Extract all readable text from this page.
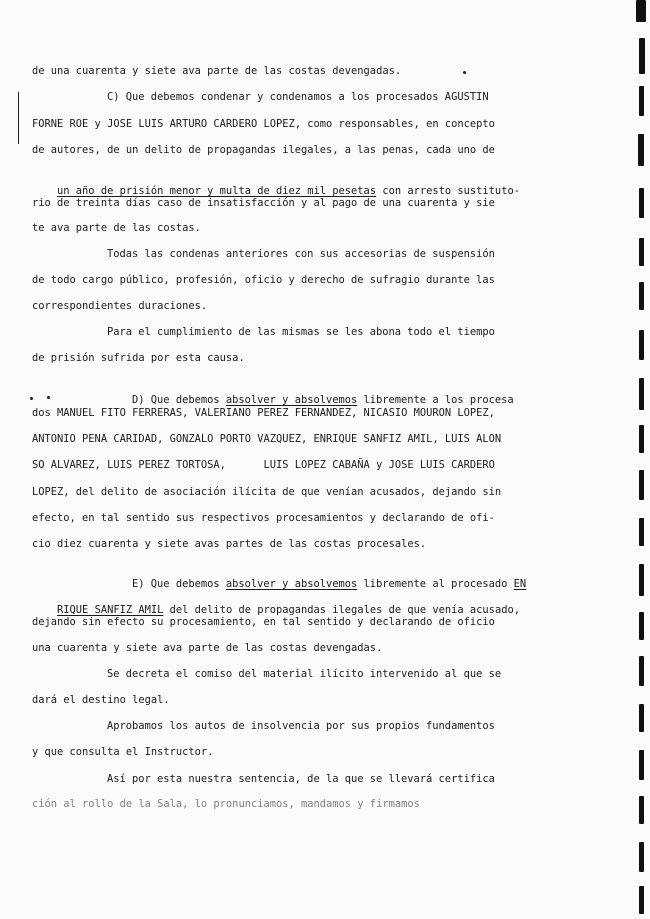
de una cuarenta y siete ava parte de las costas devengadas.
C) Que debemos condenar y condenamos a los procesados AGUSTIN
FORNE ROE y JOSE LUIS ARTURO CARDERO LOPEZ, como responsables, en concepto
de autores, de un delito de propagandas ilegales, a las penas, cada uno de

un año de prisión menor y multa de diez mil pesetas con arresto sustituto-

rio de treinta días caso de insatisfacción y al pago de una cuarenta y sie
te ava parte de las costas.
Todas las condenas anteriores con sus accesorias de suspensión
de todo cargo público, profesión, oficio y derecho de sufragio durante las
correspondientes duraciones.
Para el cumplimiento de las mismas se les abona todo el tiempo
de prisión sufrida por esta causa.

D) Que debemos absolver y absolvemos libremente a los procesa

dos MANUEL FITO FERRERAS, VALERIANO PEREZ FERNANDEZ, NICASIO MOURON LOPEZ,
ANTONIO PENA CARIDAD, GONZALO PORTO VAZQUEZ, ENRIQUE SANFIZ AMIL, LUIS ALON
SO ALVAREZ, LUIS PEREZ TORTOSA,      LUIS LOPEZ CABAÑA y JOSE LUIS CARDERO
LOPEZ, del delito de asociación ilícita de que venían acusados, dejando sin
efecto, en tal sentido sus respectivos procesamientos y declarando de ofi-
cio diez cuarenta y siete avas partes de las costas procesales.

E) Que debemos absolver y absolvemos libremente al procesado EN

RIQUE SANFIZ AMIL del delito de propagandas ilegales de que venía acusado,

dejando sin efecto su procesamiento, en tal sentido y declarando de oficio
una cuarenta y siete ava parte de las costas devengadas.
Se decreta el comiso del material ilícito intervenido al que se
dará el destino legal.
Aprobamos los autos de insolvencia por sus propios fundamentos
y que consulta el Instructor.
Así por esta nuestra sentencia, de la que se llevará certifica
ción al rollo de la Sala, lo pronunciamos, mandamos y firmamos
